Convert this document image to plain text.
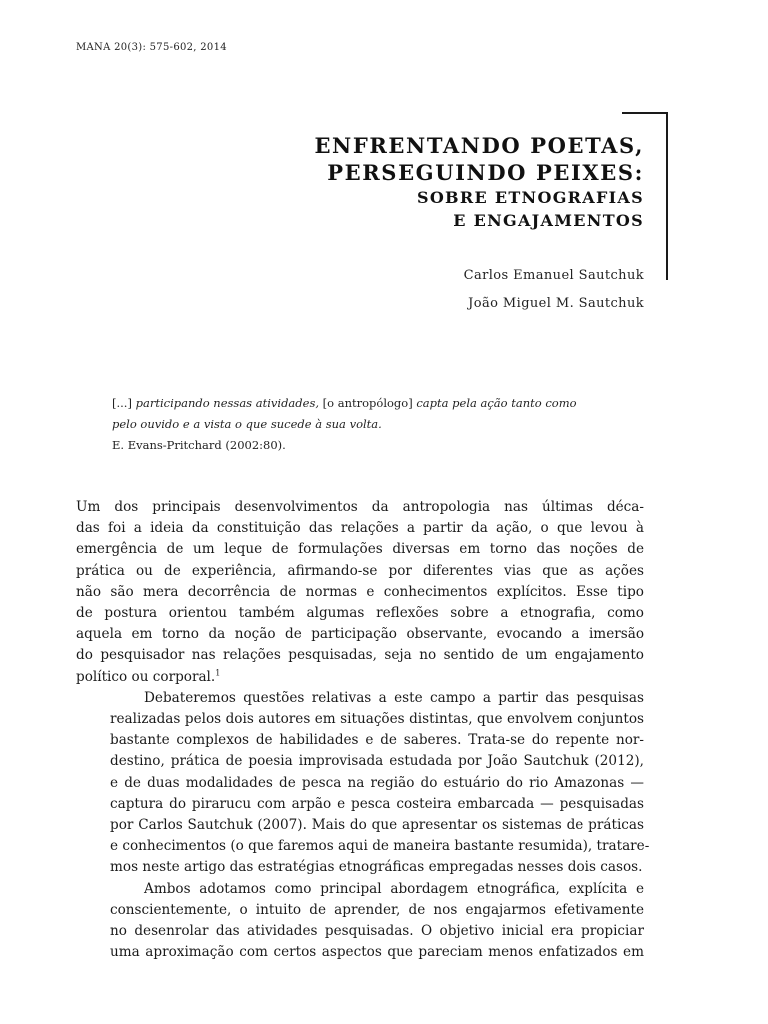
MANA 20(3): 575-602, 2014
ENFRENTANDO POETAS,
PERSEGUINDO PEIXES:
SOBRE ETNOGRAFIAS
E ENGAJAMENTOS
Carlos Emanuel Sautchuk
João Miguel M. Sautchuk

[...] participando nessas atividades, [o antropólogo] capta pela ação tanto como
pelo ouvido e a vista o que sucede à sua volta.

E. Evans-Pritchard (2002:80).

Um dos principais desenvolvimentos da antropologia nas últimas déca-
das foi a ideia da constituição das relações a partir da ação, o que levou à
emergência de um leque de formulações diversas em torno das noções de
prática ou de experiência, afirmando-se por diferentes vias que as ações
não são mera decorrência de normas e conhecimentos explícitos. Esse tipo
de postura orientou também algumas reflexões sobre a etnografia, como
aquela em torno da noção de participação observante, evocando a imersão
do pesquisador nas relações pesquisadas, seja no sentido de um engajamento
político ou corporal.$^1$

Debateremos questões relativas a este campo a partir das pesquisas
realizadas pelos dois autores em situações distintas, que envolvem conjuntos
bastante complexos de habilidades e de saberes. Trata-se do repente nor-
destino, prática de poesia improvisada estudada por João Sautchuk (2012),
e de duas modalidades de pesca na região do estuário do rio Amazonas —
captura do pirarucu com arpão e pesca costeira embarcada — pesquisadas
por Carlos Sautchuk (2007). Mais do que apresentar os sistemas de práticas
e conhecimentos (o que faremos aqui de maneira bastante resumida), tratare-
mos neste artigo das estratégias etnográficas empregadas nesses dois casos.

Ambos adotamos como principal abordagem etnográfica, explícita e
conscientemente, o intuito de aprender, de nos engajarmos efetivamente
no desenrolar das atividades pesquisadas. O objetivo inicial era propiciar
uma aproximação com certos aspectos que pareciam menos enfatizados em
